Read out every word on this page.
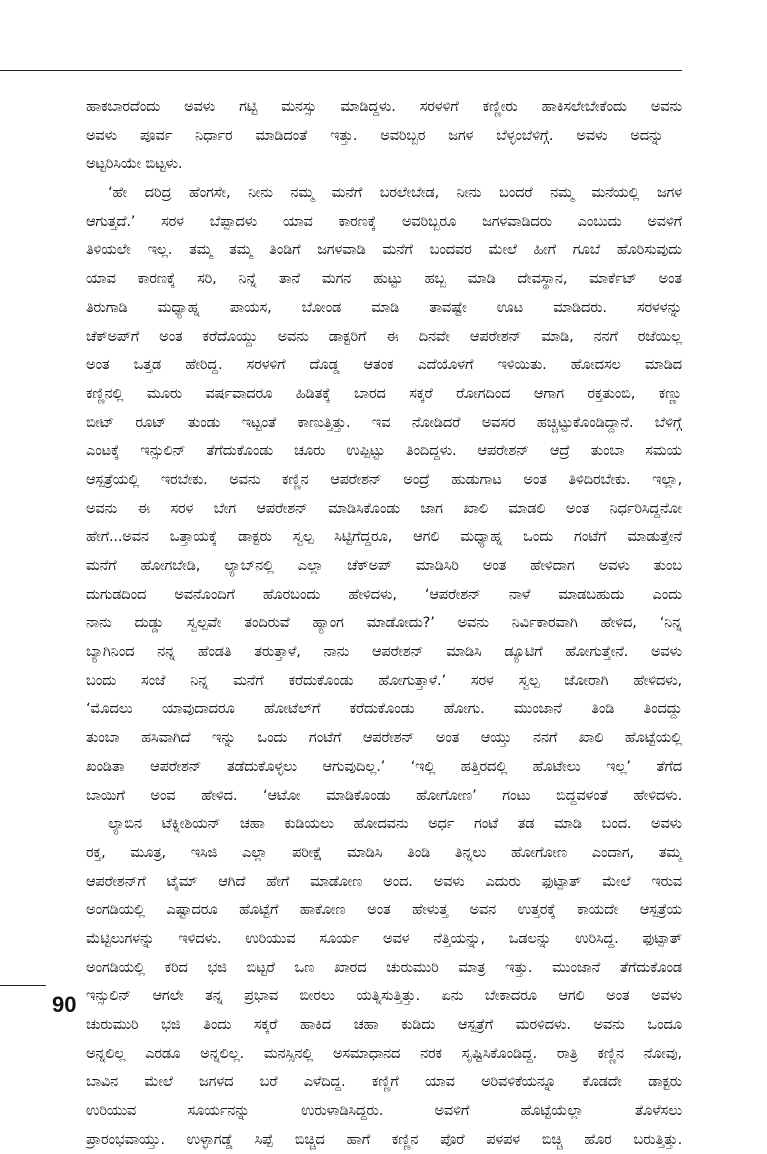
ಹಾಕಬಾರದೆಂದು ಅವಳು ಗಟ್ಟಿ ಮನಸ್ಸು ಮಾಡಿದ್ದಳು. ಸರಳಳಿಗೆ ಕಣ್ಣೀರು ಹಾಕಿಸಲೇಬೇಕೆಂದು ಅವನು
ಅವಳು ಪೂರ್ವ ನಿರ್ಧಾರ ಮಾಡಿದಂತೆ ಇತ್ತು. ಅವರಿಬ್ಬರ ಜಗಳ ಬೆಳ್ಳಂಬೆಳಿಗ್ಗೆ. ಅವಳು ಅದನ್ನು
ಅಟ್ಟರಿಸಿಯೇ ಬಿಟ್ಟಳು.
‘ಹೇ ದರಿದ್ರ ಹೆಂಗಸೇ, ನೀನು ನಮ್ಮ ಮನೆಗೆ ಬರಲೇಬೇಡ, ನೀನು ಬಂದರೆ ನಮ್ಮ ಮನೆಯಲ್ಲಿ ಜಗಳ
ಆಗುತ್ತದೆ.’ ಸರಳ ಬೆಪ್ಪಾದಳು ಯಾವ ಕಾರಣಕ್ಕೆ ಅವರಿಬ್ಬರೂ ಜಗಳವಾಡಿದರು ಎಂಬುದು ಅವಳಿಗೆ
ತಿಳಿಯಲೇ ಇಲ್ಲ. ತಮ್ಮ ತಮ್ಮ ತಿಂಡಿಗೆ ಜಗಳವಾಡಿ ಮನೆಗೆ ಬಂದವರ ಮೇಲೆ ಹೀಗೆ ಗೂಬೆ ಹೊರಿಸುವುದು
ಯಾವ ಕಾರಣಕ್ಕೆ ಸರಿ, ನಿನ್ನೆ ತಾನೆ ಮಗನ ಹುಟ್ಟು ಹಬ್ಬ ಮಾಡಿ ದೇವಸ್ಥಾನ, ಮಾರ್ಕೆಟ್ ಅಂತ
ತಿರುಗಾಡಿ ಮಧ್ಯಾಹ್ನ ಪಾಯಸ, ಬೋಂಡ ಮಾಡಿ ತಾವಷ್ಟೇ ಊಟ ಮಾಡಿದರು. ಸರಳಳನ್ನು
ಚೆಕ್‌ಅಪ್‌ಗೆ ಅಂತ ಕರೆದೊಯ್ದು ಅವನು ಡಾಕ್ಟರಿಗೆ ಈ ದಿನವೇ ಆಪರೇಶನ್ ಮಾಡಿ, ನನಗೆ ರಜೆಯಿಲ್ಲ
ಅಂತ ಒತ್ತಡ ಹೇರಿದ್ದ. ಸರಳಳಿಗೆ ದೊಡ್ಡ ಆತಂಕ ಎದೆಯೊಳಗೆ ಇಳಿಯಿತು. ಹೋದಸಲ ಮಾಡಿದ
ಕಣ್ಣಿನಲ್ಲಿ ಮೂರು ವರ್ಷವಾದರೂ ಹಿಡಿತಕ್ಕೆ ಬಾರದ ಸಕ್ಕರೆ ರೋಗದಿಂದ ಆಗಾಗ ರಕ್ತತುಂಬಿ, ಕಣ್ಣು
ಬೀಟ್ ರೂಟ್ ತುಂಡು ಇಟ್ಟಂತೆ ಕಾಣುತ್ತಿತ್ತು. ಇವ ನೋಡಿದರೆ ಅವಸರ ಹಚ್ಚಿಟ್ಟುಕೊಂಡಿದ್ದಾನೆ. ಬೆಳಿಗ್ಗೆ
ಎಂಟಕ್ಕೆ ಇನ್ಸುಲಿನ್ ತೆಗೆದುಕೊಂಡು ಚೂರು ಉಪ್ಪಿಟ್ಟು ತಿಂದಿದ್ದಳು. ಆಪರೇಶನ್ ಆದ್ರೆ ತುಂಬಾ ಸಮಯ
ಆಸ್ಪತ್ರೆಯಲ್ಲಿ ಇರಬೇಕು. ಅವನು ಕಣ್ಣಿನ ಆಪರೇಶನ್ ಅಂದ್ರೆ ಹುಡುಗಾಟ ಅಂತ ತಿಳಿದಿರಬೇಕು. ಇಲ್ಲಾ,
ಅವನು ಈ ಸರಳ ಬೇಗ ಆಪರೇಶನ್ ಮಾಡಿಸಿಕೊಂಡು ಜಾಗ ಖಾಲಿ ಮಾಡಲಿ ಅಂತ ನಿರ್ಧರಿಸಿದ್ದನೋ
ಹೇಗೆ...ಅವನ ಒತ್ತಾಯಕ್ಕೆ ಡಾಕ್ಟರು ಸ್ವಲ್ಪ ಸಿಟ್ಟಿಗೆದ್ದರೂ, ಆಗಲಿ ಮಧ್ಯಾಹ್ನ ಒಂದು ಗಂಟೆಗೆ ಮಾಡುತ್ತೇನೆ
ಮನೆಗೆ ಹೋಗಬೇಡಿ, ಲ್ಯಾಬ್‌ನಲ್ಲಿ ಎಲ್ಲಾ ಚೆಕ್‌ಅಪ್ ಮಾಡಿಸಿರಿ ಅಂತ ಹೇಳಿದಾಗ ಅವಳು ತುಂಬ
ದುಗುಡದಿಂದ ಅವನೊಂದಿಗೆ ಹೊರಬಂದು ಹೇಳಿದಳು, ‘ಆಪರೇಶನ್ ನಾಳೆ ಮಾಡಬಹುದು ಎಂದು
ನಾನು ದುಡ್ಡು ಸ್ವಲ್ಪವೇ ತಂದಿರುವೆ ಹ್ಯಾಂಗ ಮಾಡೋದು?’ ಅವನು ನಿರ್ವಿಕಾರವಾಗಿ ಹೇಳಿದ, ‘ನಿನ್ನ
ಬ್ಯಾಗಿನಿಂದ ನನ್ನ ಹೆಂಡತಿ ತರುತ್ತಾಳೆ, ನಾನು ಆಪರೇಶನ್ ಮಾಡಿಸಿ ಡ್ಯೂಟಿಗೆ ಹೋಗುತ್ತೇನೆ. ಅವಳು
ಬಂದು ಸಂಜೆ ನಿನ್ನ ಮನೆಗೆ ಕರೆದುಕೊಂಡು ಹೋಗುತ್ತಾಳೆ.’ ಸರಳ ಸ್ವಲ್ಪ ಜೋರಾಗಿ ಹೇಳಿದಳು,
‘ಮೊದಲು ಯಾವುದಾದರೂ ಹೋಟೆಲ್‌ಗೆ ಕರೆದುಕೊಂಡು ಹೋಗು. ಮುಂಜಾನೆ ತಿಂಡಿ ತಿಂದದ್ದು
ತುಂಬಾ ಹಸಿವಾಗಿದೆ ಇನ್ನು ಒಂದು ಗಂಟೆಗೆ ಆಪರೇಶನ್ ಅಂತ ಆಯ್ತು ನನಗೆ ಖಾಲಿ ಹೊಟ್ಟೆಯಲ್ಲಿ
ಖಂಡಿತಾ ಆಪರೇಶನ್ ತಡೆದುಕೊಳ್ಳಲು ಆಗುವುದಿಲ್ಲ.’ ‘ಇಲ್ಲಿ ಹತ್ತಿರದಲ್ಲಿ ಹೊಟೇಲು ಇಲ್ಲ’ ತೆಗೆದ
ಬಾಯಿಗೆ ಅಂವ ಹೇಳಿದ. ‘ಆಟೋ ಮಾಡಿಕೊಂಡು ಹೋಗೋಣ’ ಗಂಟು ಬಿದ್ದವಳಂತೆ ಹೇಳಿದಳು.
ಲ್ಯಾಬಿನ ಟೆಕ್ನೀಶಿಯನ್ ಚಹಾ ಕುಡಿಯಲು ಹೋದವನು ಅರ್ಧ ಗಂಟೆ ತಡ ಮಾಡಿ ಬಂದ. ಅವಳು
ರಕ್ತ, ಮೂತ್ರ, ಇಸಿಜಿ ಎಲ್ಲಾ ಪರೀಕ್ಷೆ ಮಾಡಿಸಿ ತಿಂಡಿ ತಿನ್ನಲು ಹೋಗೋಣ ಎಂದಾಗ, ತಮ್ಮ
ಆಪರೇಶನ್‌ಗೆ ಟೈಮ್ ಆಗಿದೆ ಹೇಗೆ ಮಾಡೋಣ ಅಂದ. ಅವಳು ಎದುರು ಫುಟ್ಪಾತ್ ಮೇಲೆ ಇರುವ
ಅಂಗಡಿಯಲ್ಲಿ ಎಷ್ಟಾದರೂ ಹೊಟ್ಟೆಗೆ ಹಾಕೋಣ ಅಂತ ಹೇಳುತ್ತ ಅವನ ಉತ್ತರಕ್ಕೆ ಕಾಯದೇ ಆಸ್ಪತ್ರೆಯ
ಮೆಟ್ಟಿಲುಗಳನ್ನು ಇಳಿದಳು. ಉರಿಯುವ ಸೂರ್ಯ ಅವಳ ನೆತ್ತಿಯನ್ನು, ಒಡಲನ್ನು ಉರಿಸಿದ್ದ. ಫುಟ್ಪಾತ್
ಅಂಗಡಿಯಲ್ಲಿ ಕರಿದ ಭಜಿ ಬಿಟ್ಟರೆ ಒಣ ಖಾರದ ಚುರುಮುರಿ ಮಾತ್ರ ಇತ್ತು. ಮುಂಜಾನೆ ತೆಗೆದುಕೊಂಡ
ಇನ್ಸುಲಿನ್ ಆಗಲೇ ತನ್ನ ಪ್ರಭಾವ ಬೀರಲು ಯತ್ನಿಸುತ್ತಿತ್ತು. ಏನು ಬೇಕಾದರೂ ಆಗಲಿ ಅಂತ ಅವಳು
ಚುರುಮುರಿ ಭಜಿ ತಿಂದು ಸಕ್ಕರೆ ಹಾಕಿದ ಚಹಾ ಕುಡಿದು ಆಸ್ಪತ್ರೆಗೆ ಮರಳಿದಳು. ಅವನು ಒಂದೂ
ಅನ್ನಲಿಲ್ಲ ಎರಡೂ ಅನ್ನಲಿಲ್ಲ. ಮನಸ್ಸಿನಲ್ಲಿ ಅಸಮಾಧಾನದ ನರಕ ಸೃಷ್ಟಿಸಿಕೊಂಡಿದ್ದ. ರಾತ್ರಿ ಕಣ್ಣಿನ ನೋವು,
ಬಾವಿನ ಮೇಲೆ ಜಗಳದ ಬರೆ ಎಳೆದಿದ್ದ. ಕಣ್ಣಿಗೆ ಯಾವ ಅರಿವಳಿಕೆಯನ್ನೂ ಕೊಡದೇ ಡಾಕ್ಟರು
ಉರಿಯುವ ಸೂರ್ಯನನ್ನು ಉರುಳಾಡಿಸಿದ್ದರು. ಅವಳಿಗೆ ಹೊಟ್ಟೆಯೆಲ್ಲಾ ತೊಳೆಸಲು
ಪ್ರಾರಂಭವಾಯ್ತು. ಉಳ್ಳಾಗಡ್ಡೆ ಸಿಪ್ಪೆ ಬಿಚ್ಚಿದ ಹಾಗೆ ಕಣ್ಣಿನ ಪೊರೆ ಪಳಪಳ ಬಿಚ್ಚಿ ಹೊರ ಬರುತ್ತಿತ್ತು.
90
